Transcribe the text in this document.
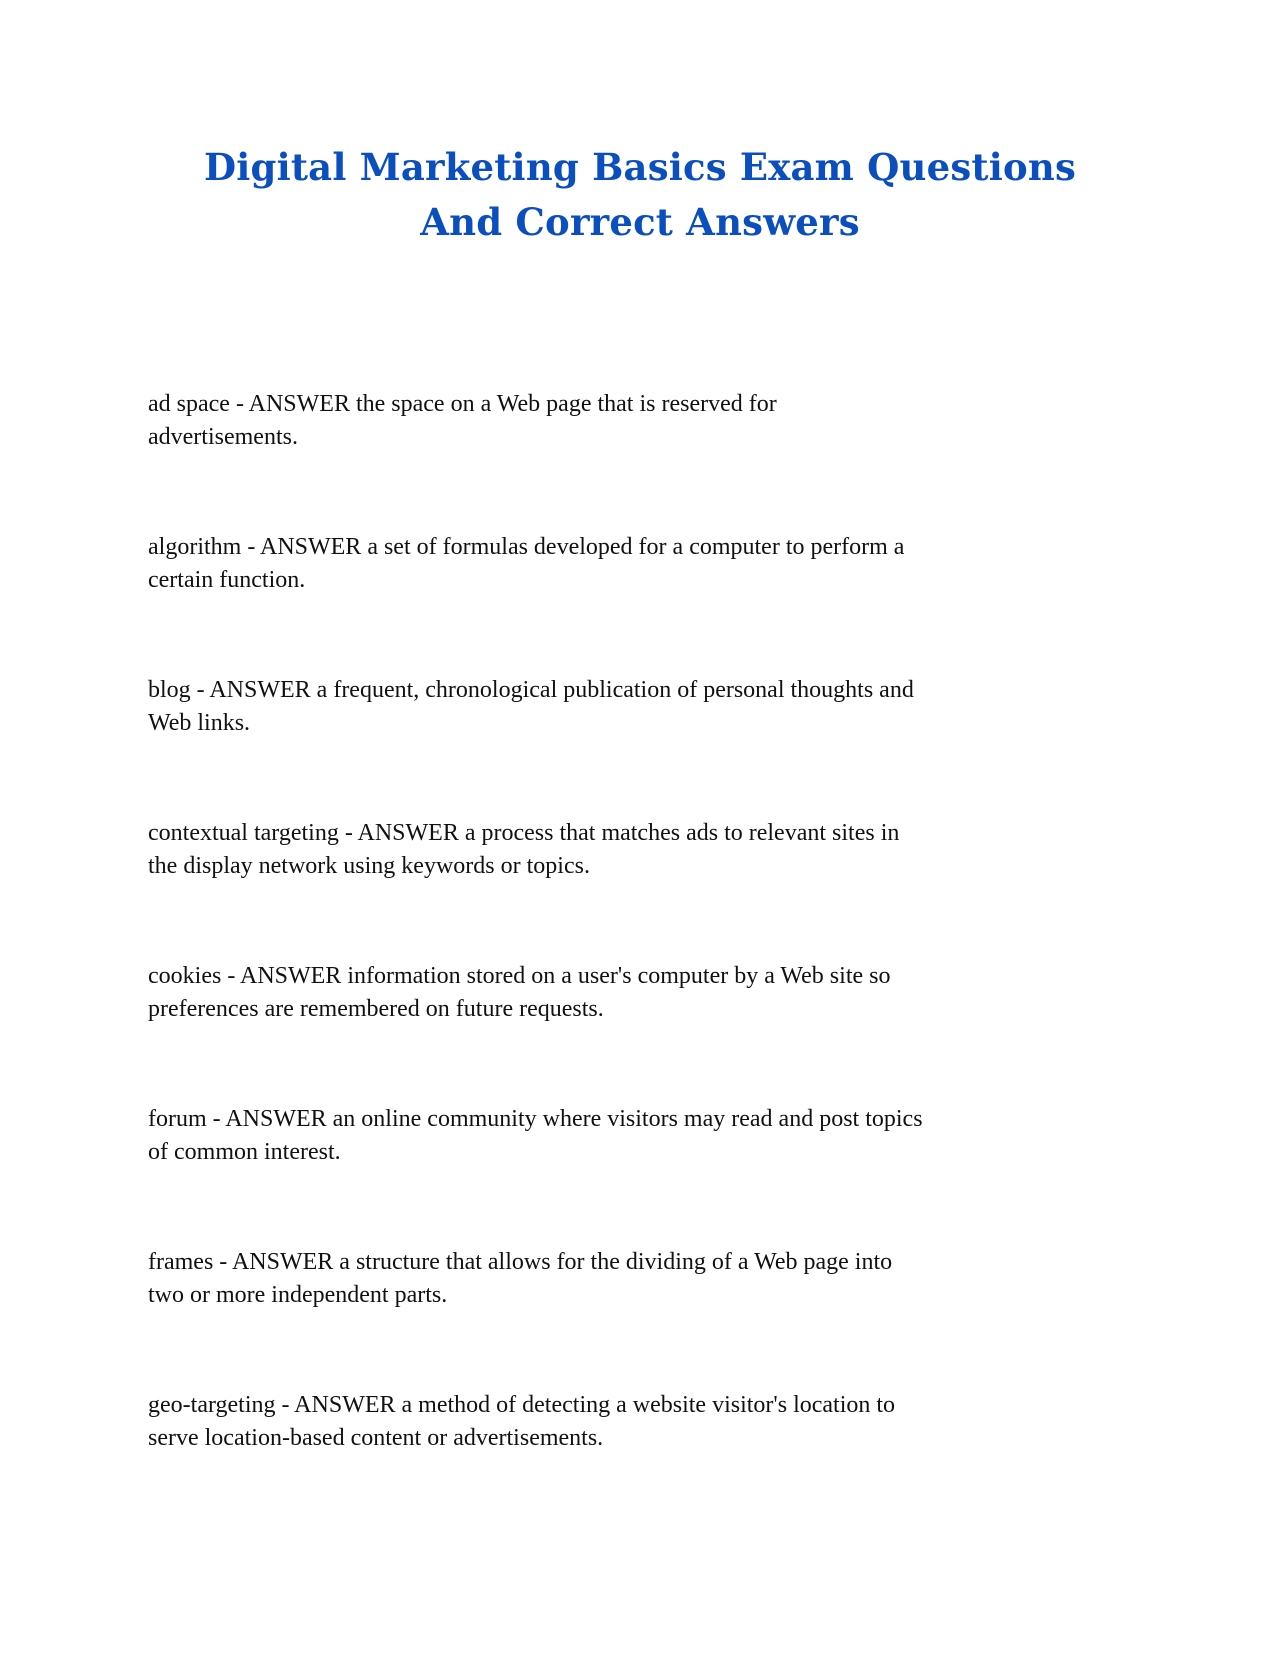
Digital Marketing Basics Exam Questions
And Correct Answers
ad space - ANSWER the space on a Web page that is reserved for
advertisements.
algorithm - ANSWER a set of formulas developed for a computer to perform a
certain function.
blog - ANSWER a frequent, chronological publication of personal thoughts and
Web links.
contextual targeting - ANSWER a process that matches ads to relevant sites in
the display network using keywords or topics.
cookies - ANSWER information stored on a user's computer by a Web site so
preferences are remembered on future requests.
forum - ANSWER an online community where visitors may read and post topics
of common interest.
frames - ANSWER a structure that allows for the dividing of a Web page into
two or more independent parts.
geo-targeting - ANSWER a method of detecting a website visitor's location to
serve location-based content or advertisements.
